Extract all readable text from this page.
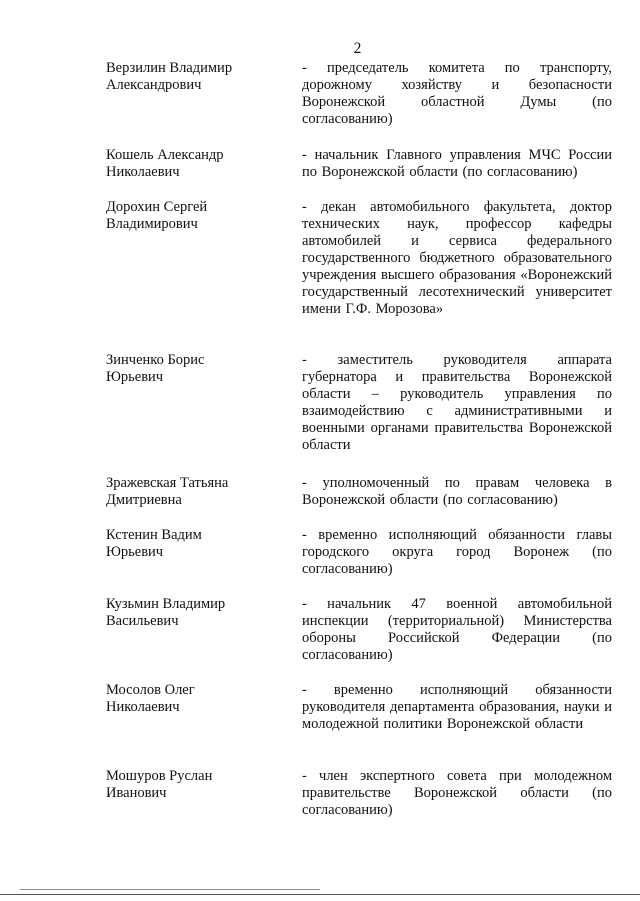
2
Верзилин Владимир
Александрович
- председатель комитета по транспорту, дорожному хозяйству и безопасности Воронежской областной Думы (по согласованию)
Кошель Александр
Николаевич
- начальник Главного управления МЧС России по Воронежской области (по согласованию)
Дорохин Сергей
Владимирович
- декан автомобильного факультета, доктор технических наук, профессор кафедры автомобилей и сервиса федерального государственного бюджетного образовательного учреждения высшего образования «Воронежский государственный лесотехнический университет имени Г.Ф. Морозова»
Зинченко Борис
Юрьевич
- заместитель руководителя аппарата губернатора и правительства Воронежской области – руководитель управления по взаимодействию с административными и военными органами правительства Воронежской области
Зражевская Татьяна
Дмитриевна
- уполномоченный по правам человека в Воронежской области (по согласованию)
Кстенин Вадим
Юрьевич
- временно исполняющий обязанности главы городского округа город Воронеж (по согласованию)
Кузьмин Владимир
Васильевич
- начальник 47 военной автомобильной инспекции (территориальной) Министерства обороны Российской Федерации (по согласованию)
Мосолов Олег
Николаевич
- временно исполняющий обязанности руководителя департамента образования, науки и молодежной политики Воронежской области
Мошуров Руслан
Иванович
- член экспертного совета при молодежном правительстве Воронежской области (по согласованию)
